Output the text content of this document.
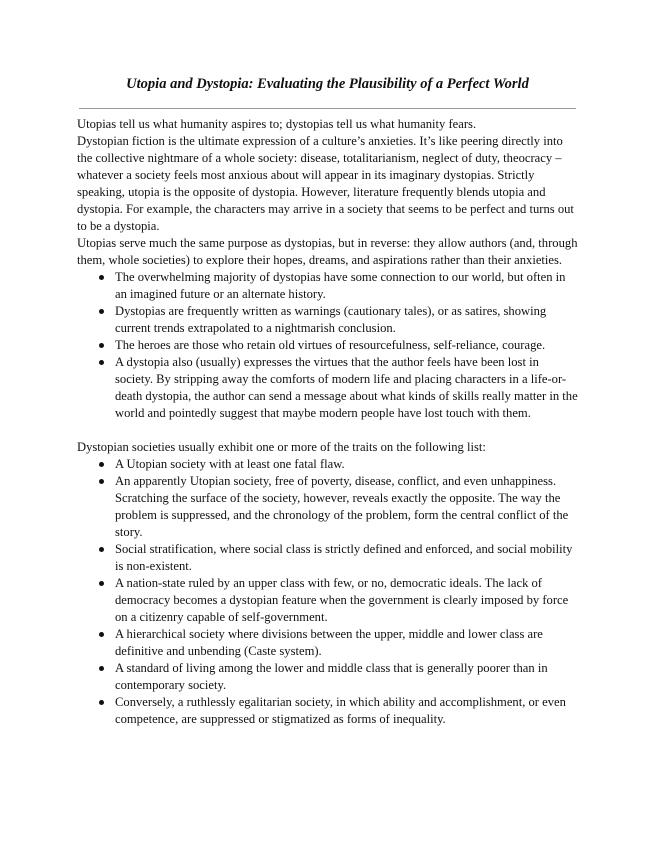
Utopia and Dystopia: Evaluating the Plausibility of a Perfect World

Utopias tell us what humanity aspires to; dystopias tell us what humanity fears.

Dystopian fiction is the ultimate expression of a culture’s anxieties. It’s like peering directly into the collective nightmare of a whole society: disease, totalitarianism, neglect of duty, theocracy – whatever a society feels most anxious about will appear in its imaginary dystopias. Strictly speaking, utopia is the opposite of dystopia. However, literature frequently blends utopia and dystopia. For example, the characters may arrive in a society that seems to be perfect and turns out to be a dystopia.

Utopias serve much the same purpose as dystopias, but in reverse: they allow authors (and, through them, whole societies) to explore their hopes, dreams, and aspirations rather than their anxieties.

The overwhelming majority of dystopias have some connection to our world, but often in an imagined future or an alternate history.
Dystopias are frequently written as warnings (cautionary tales), or as satires, showing current trends extrapolated to a nightmarish conclusion.
The heroes are those who retain old virtues of resourcefulness, self-reliance, courage.
A dystopia also (usually) expresses the virtues that the author feels have been lost in society. By stripping away the comforts of modern life and placing characters in a life-or-death dystopia, the author can send a message about what kinds of skills really matter in the world and pointedly suggest that maybe modern people have lost touch with them.

Dystopian societies usually exhibit one or more of the traits on the following list:

A Utopian society with at least one fatal flaw.
An apparently Utopian society, free of poverty, disease, conflict, and even unhappiness. Scratching the surface of the society, however, reveals exactly the opposite. The way the problem is suppressed, and the chronology of the problem, form the central conflict of the story.
Social stratification, where social class is strictly defined and enforced, and social mobility is non-existent.
A nation-state ruled by an upper class with few, or no, democratic ideals. The lack of democracy becomes a dystopian feature when the government is clearly imposed by force on a citizenry capable of self-government.
A hierarchical society where divisions between the upper, middle and lower class are definitive and unbending (Caste system).
A standard of living among the lower and middle class that is generally poorer than in contemporary society.
Conversely, a ruthlessly egalitarian society, in which ability and accomplishment, or even competence, are suppressed or stigmatized as forms of inequality.
